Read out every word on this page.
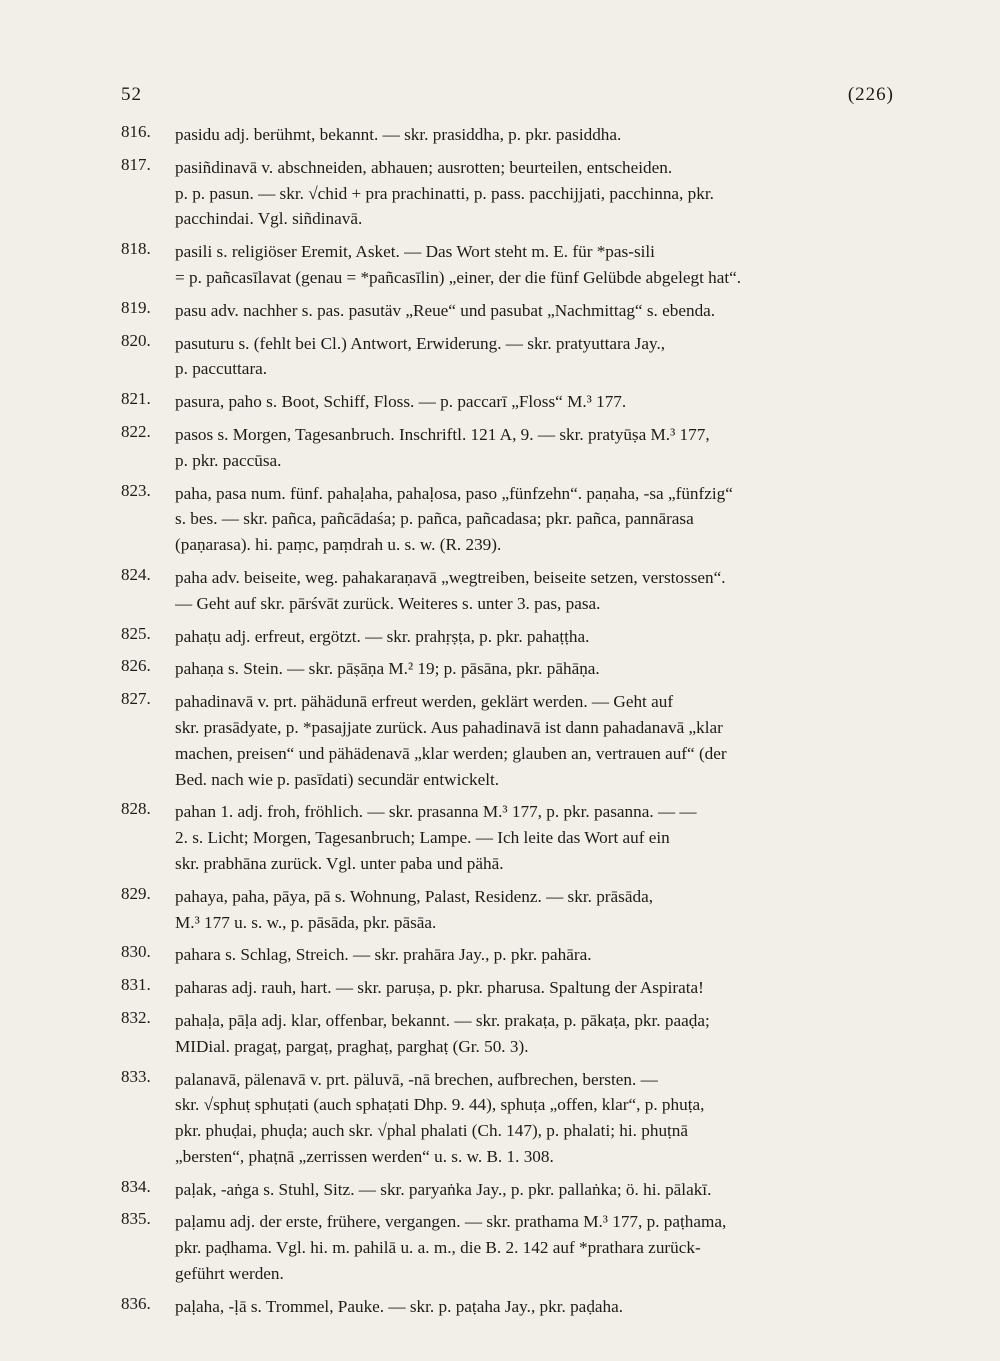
52	(226)
816. pasidu adj. berühmt, bekannt. — skr. prasiddha, p. pkr. pasiddha.
817. pasiñdinavā v. abschneiden, abhauen; ausrotten; beurteilen, entscheiden.
p. p. pasun. — skr. √chid + pra prachinatti, p. pass. pacchijjati, pacchinna, pkr.
pacchindai. Vgl. siñdinavā.
818. pasili s. religiöser Eremit, Asket. — Das Wort steht m. E. für *pas-sili
= p. pañcasīlavat (genau = *pañcasīlin) „einer, der die fünf Gelübde abgelegt hat“.
819. pasu adv. nachher s. pas. pasutäv „Reue“ und pasubat „Nachmittag“ s. ebenda.
820. pasuturu s. (fehlt bei Cl.) Antwort, Erwiderung. — skr. pratyuttara Jay.,
p. paccuttara.
821. pasura, paho s. Boot, Schiff, Floss. — p. paccarī „Floss“ M.³ 177.
822. pasos s. Morgen, Tagesanbruch. Inschriftl. 121 A, 9. — skr. pratyūṣa M.³ 177,
p. pkr. paccūsa.
823. paha, pasa num. fünf. pahaḷaha, pahaḷosa, paso „fünfzehn“. paṇaha, -sa „fünfzig“
s. bes. — skr. pañca, pañcādaśa; p. pañca, pañcadasa; pkr. pañca, pannārasa
(paṇarasa). hi. paṃc, paṃdrah u. s. w. (R. 239).
824. paha adv. beiseite, weg. pahakaraṇavā „wegtreiben, beiseite setzen, verstossen“.
— Geht auf skr. pārśvāt zurück. Weiteres s. unter 3. pas, pasa.
825. pahaṭu adj. erfreut, ergötzt. — skr. prahṛṣṭa, p. pkr. pahaṭṭha.
826. pahaṇa s. Stein. — skr. pāṣāṇa M.² 19; p. pāsāna, pkr. pāhāṇa.
827. pahadinavā v. prt. pähädunā erfreut werden, geklärt werden. — Geht auf
skr. prasādyate, p. *pasajjate zurück. Aus pahadinavā ist dann pahadanavā „klar
machen, preisen“ und pähädenavā „klar werden; glauben an, vertrauen auf“ (der
Bed. nach wie p. pasīdati) secundär entwickelt.
828. pahan 1. adj. froh, fröhlich. — skr. prasanna M.³ 177, p. pkr. pasanna. — —
2. s. Licht; Morgen, Tagesanbruch; Lampe. — Ich leite das Wort auf ein
skr. prabhāna zurück. Vgl. unter paba und pähā.
829. pahaya, paha, pāya, pā s. Wohnung, Palast, Residenz. — skr. prāsāda,
M.³ 177 u. s. w., p. pāsāda, pkr. pāsāa.
830. pahara s. Schlag, Streich. — skr. prahāra Jay., p. pkr. pahāra.
831. paharas adj. rauh, hart. — skr. paruṣa, p. pkr. pharusa. Spaltung der Aspirata!
832. pahaḷa, pāḷa adj. klar, offenbar, bekannt. — skr. prakaṭa, p. pākaṭa, pkr. paaḍa;
MIDial. pragaṭ, pargaṭ, praghaṭ, parghaṭ (Gr. 50. 3).
833. palanavā, pälenavā v. prt. päluvā, -nā brechen, aufbrechen, bersten. —
skr. √sphuṭ sphuṭati (auch sphaṭati Dhp. 9. 44), sphuṭa „offen, klar“, p. phuṭa,
pkr. phuḍai, phuḍa; auch skr. √phal phalati (Ch. 147), p. phalati; hi. phuṭnā
„bersten“, phaṭnā „zerrissen werden“ u. s. w. B. 1. 308.
834. paḷak, -aṅga s. Stuhl, Sitz. — skr. paryaṅka Jay., p. pkr. pallaṅka; ö. hi. pālakī.
835. paḷamu adj. der erste, frühere, vergangen. — skr. prathama M.³ 177, p. paṭhama,
pkr. paḍhama. Vgl. hi. m. pahilā u. a. m., die B. 2. 142 auf *prathara zurück-
geführt werden.
836. paḷaha, -ḷā s. Trommel, Pauke. — skr. p. paṭaha Jay., pkr. paḍaha.
